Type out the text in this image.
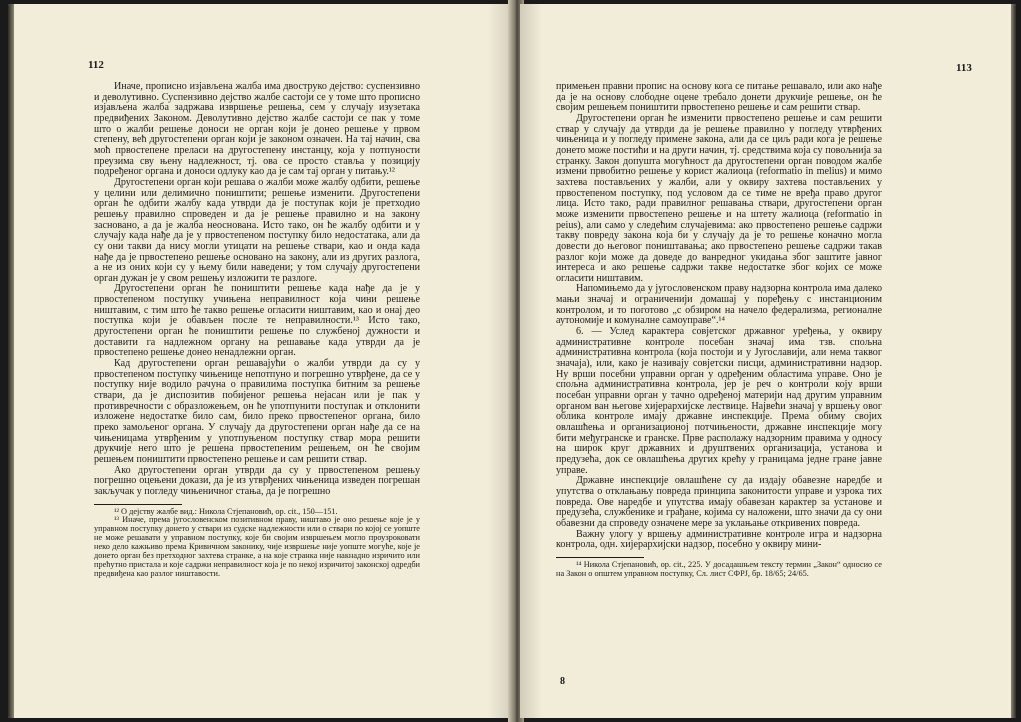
112

Иначе, прописно изјављена жалба има двоструко дејство: суспензивно и деволутивно. Суспензивно дејство жалбе састоји се у томе што прописно изјављена жалба задржава извршење решења, сем у случају изузетака предвиђених Законом. Деволутивно дејство жалбе састоји се пак у томе што о жалби решење доноси не орган који је донео решење у првом степену, већ другостепени орган који је законом означен. На тај начин, сва моћ првостепене преласи на другостепену инстанцу, која у потпуности преузима сву њену надлежност, тј. ова се просто ставља у позицију подређеног органа и доноси одлуку као да је сам тај орган у питању.¹²

Другостепени орган који решава о жалби може жалбу одбити, решење у целини или делимично поништити; решење изменити. Другостепени орган ће одбити жалбу када утврди да је поступак који је претходио решењу правилно спроведен и да је решење правилно и на закону засновано, а да је жалба неоснована. Исто тако, он ће жалбу одбити и у случају када нађе да је у првостепеном поступку било недостатака, али да су они такви да нису могли утицати на решење ствари, као и онда када нађе да је првостепено решење основано на закону, али из других разлога, а не из оних који су у њему били наведени; у том случају другостепени орган дужан је у свом решењу изложити те разлоге.

Другостепени орган ће поништити решење када нађе да је у првостепеном поступку учињена неправилност која чини решење ништавим, с тим што ће такво решење огласити ништавим, као и онај део поступка који је обављен после те неправилности.¹³ Исто тако, другостепени орган ће поништити решење по службеној дужности и доставити га надлежном органу на решавање када утврди да је првостепено решење донео ненадлежни орган.

Кад другостепени орган решавајући о жалби утврди да су у првостепеном поступку чињенице непотпуно и погрешно утврђене, да се у поступку није водило рачуна о правилима поступка битним за решење ствари, да је диспозитив побијеног решења нејасан или је пак у противречности с образложењем, он ће употпунити поступак и отклонити изложене недостатке било сам, било преко првостепеног органа, било преко замољеног органа. У случају да другостепени орган нађе да се на чињеницама утврђеним у употпуњеном поступку ствар мора решити друкчије него што је решена првостепеним решењем, он ће својим решењем поништити првостепено решење и сам решити ствар.

Ако другостепени орган утврди да су у првостепеном решењу погрешно оцењени докази, да је из утврђених чињеница изведен погрешан закључак у погледу чињеничног стања, да је погрешно

¹² О дејству жалбе вид.: Никола Стјепановић, op. cit., 150—151.

¹³ Иначе, према југословенском позитивном праву, ништаво је оно решење које је у управном поступку донето у ствари из судске надлежности или о ствари по којој се уопште не може решавати у управном поступку, које би својим извршењем могло проузроковати неко дело кажњиво према Кривичном законику, чије извршење није уопште могуће, које је донето орган без претходног захтева странке, а на које странка није накнадно изричито или прећутно пристала и које садржи неправилност која је по некој изричитој законској одредби предвиђена као разлог ништавости.

113

примењен правни пропис на основу кога се питање решавало, или ако нађе да је на основу слободне оцене требало донети друкчије решење, он ће својим решењем поништити првостепено решење и сам решити ствар.

Другостепени орган ће изменити првостепено решење и сам решити ствар у случају да утврди да је решење правилно у погледу утврђених чињеница и у погледу примене закона, али да се циљ ради кога је решење донето може постићи и на други начин, тј. средствима која су повољнија за странку. Закон допушта могућност да другостепени орган поводом жалбе измени првобитно решење у корист жалиоца (reformatio in melius) и мимо захтева постављених у жалби, али у оквиру захтева постављених у првостепеном поступку, под условом да се тиме не вређа право другог лица. Исто тако, ради правилног решавања ствари, другостепени орган може изменити првостепено решење и на штету жалиоца (reformatio in peius), али само у следећим случајевима: ако првостепено решење садржи такву повреду закона која би у случају да је то решење коначно могла довести до његовог поништавања; ако првостепено решење садржи такав разлог који може да доведе до ванредног укидања због заштите јавног интереса и ако решење садржи такве недостатке због којих се може огласити ништавим.

Напомињемо да у југословенском праву надзорна контрола има далеко мањи значај и ограниченији домашај у поређењу с инстанционим контролом, и то поготово „с обзиром на начело федерализма, регионалне аутономије и комуналне самоуправе“.¹⁴

6. — Услед карактера совјетског државног уређења, у оквиру административне контроле посебан значај има тзв. спољна административна контрола (која постоји и у Југославији, али нема таквог значаја), или, како је називају совјетски писци, административни надзор. Ну врши посебни управни орган у одређеним областима управе. Оно је спољна административна контрола, јер је реч о контроли коју врши посебан управни орган у тачно одређеној материји над другим управним органом ван његове хијерархијске лествице. Највећи значај у вршењу овог облика контроле имају државне инспекције. Према обиму својих овлашћења и организационој потчињености, државне инспекције могу бити међугранске и гранске. Прве располажу надзорним правима у односу на широк круг државних и друштвених организација, установа и предузећа, док се овлашћења других крећу у границама једне гране јавне управе.

Државне инспекције овлашћене су да издају обавезне наредбе и упутства о отклањању повреда принципа законитости управе и узрока тих повреда. Ове наредбе и упутства имају обавезан карактер за установе и предузећа, службенике и грађане, којима су наложени, што значи да су они обавезни да спроведу означене мере за уклањање откривених повреда.

Важну улогу у вршењу административне контроле игра и надзорна контрола, одн. хијерархијски надзор, посебно у оквиру мини-

¹⁴ Никола Стјепановић, op. cit., 225. У досадашњем тексту термин „Закон“ односио се на Закон о општем управном поступку, Сл. лист СФРЈ, бр. 18/65; 24/65.

8
